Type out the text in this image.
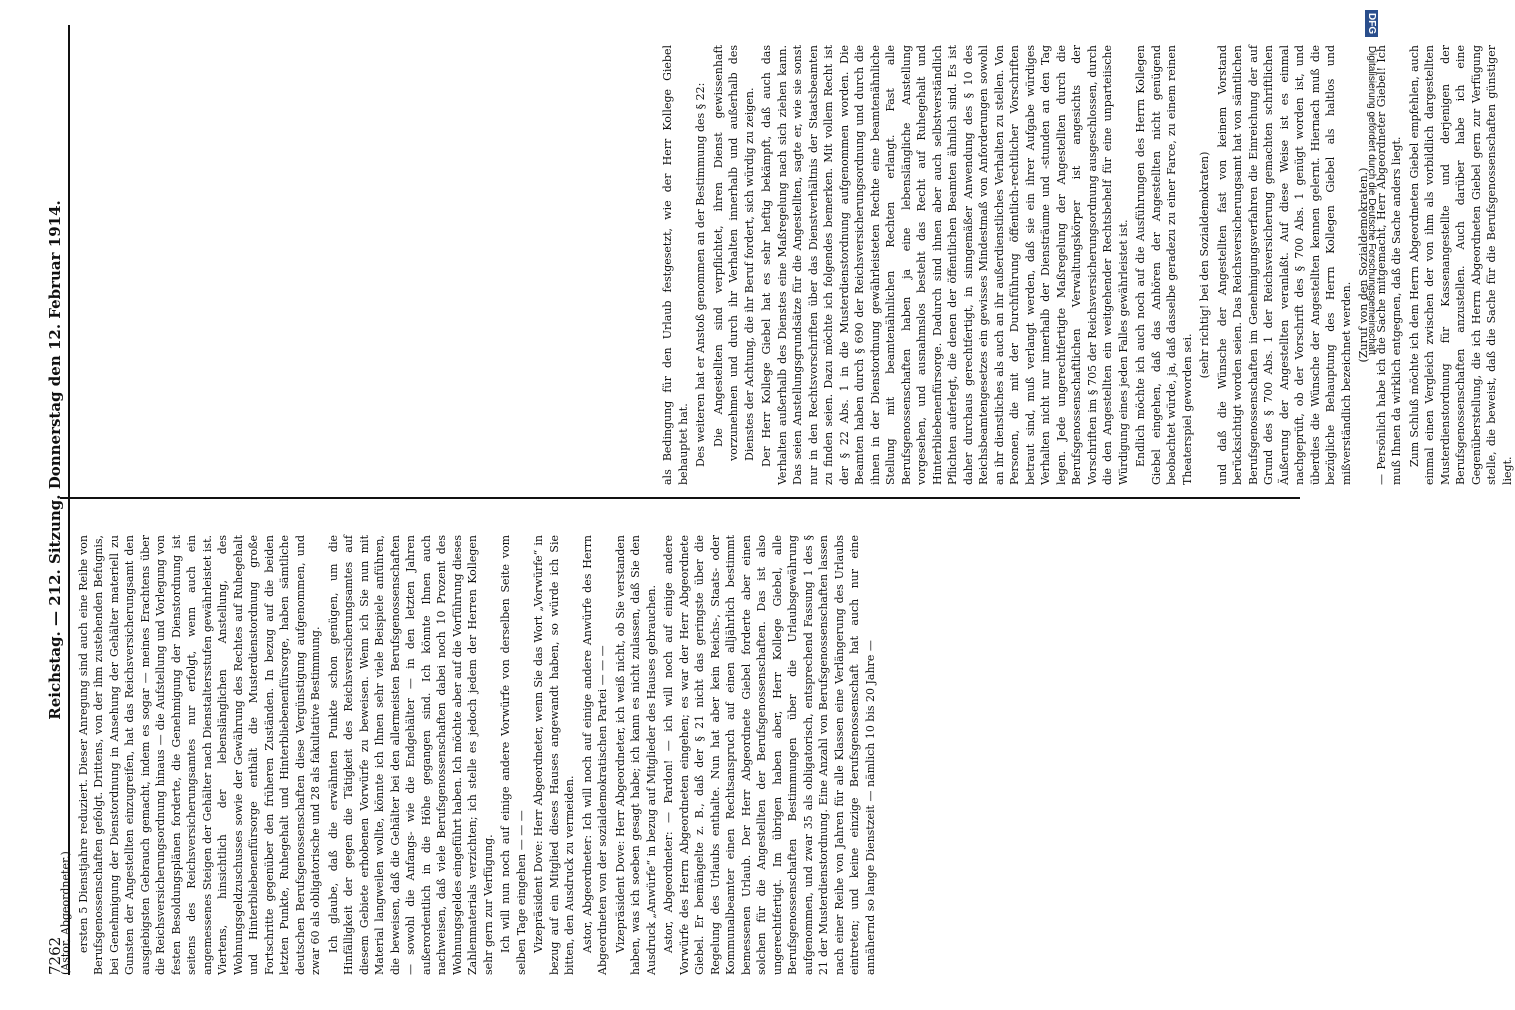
(Astor, Abgeordneter.) ersten 5 Dienstjahre reduziert. Dieser Anregung sind auch eine Reihe von Berufsgenossenschaften gefolgt. Drittens, von der ihm zustehenden Befugnis, bei Genehmigung der Dienstordnung in Ansehung der Gehälter materiell zu Gunsten der Angestellten einzugreifen, hat das Reichsversicherungsamt den ausgiebigsten Gebrauch gemacht, indem es sogar — meines Erachtens über die Reichsversicherungsordnung hinaus — die Aufstellung und Vorlegung von festen Besoldungsplänen forderte, die Genehmigung der Dienstordnung ist seitens des Reichsversicherungsamtes nur erfolgt, wenn auch ein angemessenes Steigen der Gehälter nach Dienstaltersstufen gewährleistet ist. Viertens, hinsichtlich der lebenslänglichen Anstellung, des Wohnungsgeldzuschusses sowie der Gewährung des Rechtes auf Ruhegehalt und Hinterbliebenenfürsorge enthält die Musterdienstordnung große Fortschritte gegenüber den früheren Zuständen. In bezug auf die beiden letzten Punkte, Ruhegehalt und Hinterbliebenenfürsorge, haben sämtliche deutschen Berufsgenossenschaften diese Vergünstigung aufgenommen, und zwar 60 als obligatorische und 28 als fakultative Bestimmung. Ich glaube, daß die erwähnten Punkte schon genügen, um die Hinfälligkeit der gegen die Tätigkeit des Reichsversicherungsamtes auf diesem Gebiete erhobenen Vorwürfe zu beweisen. Wenn ich Sie nun mit Material langweilen wollte, könnte ich Ihnen sehr viele Beispiele anführen, die beweisen, daß die Gehälter bei den allermeisten Berufsgenossenschaften — sowohl die Anfangs- wie die Endgehälter — in den letzten Jahren außerordentlich in die Höhe gegangen sind. Ich könnte Ihnen auch nachweisen, daß viele Berufsgenossenschaften dabei noch 10 Prozent des Wohnungsgeldes eingeführt haben. Ich möchte aber auf die Vorführung dieses Zahlenmaterials verzichten; ich stelle es jedoch jedem der Herren Kollegen sehr gern zur Verfügung. Ich will nun noch auf einige andere Vorwürfe von derselben Seite vom selben Tage eingehen — — — Vizepräsident Dove: Herr Abgeordneter, wenn Sie das Wort „Vorwürfe“ in bezug auf ein Mitglied dieses Hauses angewandt haben, so würde ich Sie bitten, den Ausdruck zu vermeiden. Astor, Abgeordneter: Ich will noch auf einige andere Anwürfe des Herrn Abgeordneten von der sozialdemokratischen Partei — — — Vizepräsident Dove: Herr Abgeordneter, ich weiß nicht, ob Sie verstanden haben, was ich soeben gesagt habe; ich kann es nicht zulassen, daß Sie den Ausdruck „Anwürfe“ in bezug auf Mitglieder des Hauses gebrauchen. Astor, Abgeordneter: — Pardon! — ich will noch auf einige andere Vorwürfe des Herrn Abgeordneten eingehen; es war der Herr Abgeordnete Giebel. Er bemängelte z. B., daß der § 21 nicht das geringste über die Regelung des Urlaubs enthalte. Nun hat aber kein Reichs-, Staats- oder Kommunalbeamter einen Rechtsanspruch auf einen alljährlich bestimmt bemessenen Urlaub. Der Herr Abgeordnete Giebel forderte aber einen solchen für die Angestellten der Berufsgenossenschaften. Das ist also ungerechtfertigt. Im übrigen haben aber, Herr Kollege Giebel, alle Berufsgenossenschaften Bestimmungen über die Urlaubsgewährung aufgenommen, und zwar 35 als obligatorisch, entsprechend Fassung 1 des § 21 der Musterdienstordnung. Eine Anzahl von Berufsgenossenschaften lassen nach einer Reihe von Jahren für alle Klassen eine Verlängerung des Urlaubs eintreten; und keine einzige Berufsgenossenschaft hat auch nur eine annähernd so lange Dienstzeit — nämlich 10 bis 20 Jahre —

als Bedingung für den Urlaub festgesetzt, wie der Herr Kollege Giebel behauptet hat. Des weiteren hat er Anstoß genommen an der Bestimmung des § 22: Die Angestellten sind verpflichtet, ihren Dienst gewissenhaft vorzunehmen und durch ihr Verhalten innerhalb und außerhalb des Dienstes der Achtung, die ihr Beruf fordert, sich würdig zu zeigen. Der Herr Kollege Giebel hat es sehr heftig bekämpft, daß auch das Verhalten außerhalb des Dienstes eine Maßregelung nach sich ziehen kann. Das seien Anstellungsgrundsätze für die Angestellten, sagte er, wie sie sonst nur in den Rechtsvorschriften über das Dienstverhältnis der Staatsbeamten zu finden seien. Dazu möchte ich folgendes bemerken. Mit vollem Recht ist der § 22 Abs. 1 in die Musterdienstordnung aufgenommen worden. Die Beamten haben durch § 690 der Reichsversicherungsordnung und durch die ihnen in der Dienstordnung gewährleisteten Rechte eine beamtenähnliche Stellung mit beamtenähnlichen Rechten erlangt. Fast alle Berufsgenossenschaften haben ja eine lebenslängliche Anstellung vorgesehen, und ausnahmslos besteht das Recht auf Ruhegehalt und Hinterbliebenenfürsorge. Dadurch sind ihnen aber auch selbstverständlich Pflichten auferlegt, die denen der öffentlichen Beamten ähnlich sind. Es ist daher durchaus gerechtfertigt, in sinngemäßer Anwendung des § 10 des Reichsbeamtengesetzes ein gewisses Mindestmaß von Anforderungen sowohl an ihr dienstliches als auch an ihr außerdienstliches Verhalten zu stellen. Von Personen, die mit der Durchführung öffentlich-rechtlicher Vorschriften betraut sind, muß verlangt werden, daß sie ein ihrer Aufgabe würdiges Verhalten nicht nur innerhalb der Diensträume und -stunden an den Tag legen. Jede ungerechtfertigte Maßregelung der Angestellten durch die Berufsgenossenschaftlichen Verwaltungskörper ist angesichts der Vorschriften im § 705 der Reichsversicherungsordnung ausgeschlossen, durch die den Angestellten ein weitgehender Rechtsbehelf für eine unparteiische Würdigung eines jeden Falles gewährleistet ist. Endlich möchte ich auch noch auf die Ausführungen des Herrn Kollegen Giebel eingehen, daß das Anhören der Angestellten nicht genügend beobachtet würde, ja, daß dasselbe geradezu zu einer Farce, zu einem reinen Theaterspiel geworden sei.

(sehr richtig! bei den Sozialdemokraten) und daß die Wünsche der Angestellten fast von keinem Vorstand berücksichtigt worden seien. Das Reichsversicherungsamt hat von sämtlichen Berufsgenossenschaften im Genehmigungsverfahren die Einreichung der auf Grund des § 700 Abs. 1 der Reichsversicherung gemachten schriftlichen Äußerung der Angestellten veranlaßt. Auf diese Weise ist es einmal nachgeprüft, ob der Vorschrift des § 700 Abs. 1 genügt worden ist, und überdies die Wünsche der Angestellten kennen gelernt. Hiernach muß die bezügliche Behauptung des Herrn Kollegen Giebel als haltlos und mißverständlich bezeichnet werden.

(Zuruf von den Sozialdemokraten.) — Persönlich habe ich die Sache mitgemacht, Herr Abgeordneter Giebel! Ich muß Ihnen da wirklich entgegnen, daß die Sache anders liegt. Zum Schluß möchte ich dem Herrn Abgeordneten Giebel empfehlen, auch einmal einen Vergleich zwischen der von ihm als vorbildlich dargestellten Musterdienstordnung für Kassenangestellte und derjenigen der Berufsgenossenschaften anzustellen. Auch darüber habe ich eine Gegenüberstellung, die ich Herrn Abgeordneten Giebel gern zur Verfügung stelle, die beweist, daß die Sache für die Berufsgenossenschaften günstiger liegt.

7262
Reichstag. — 212. Sitzung. Donnerstag den 12. Februar 1914.
DFG Digitalisierung gefördert durch die Deutsche Forschungsgemeinschaft
